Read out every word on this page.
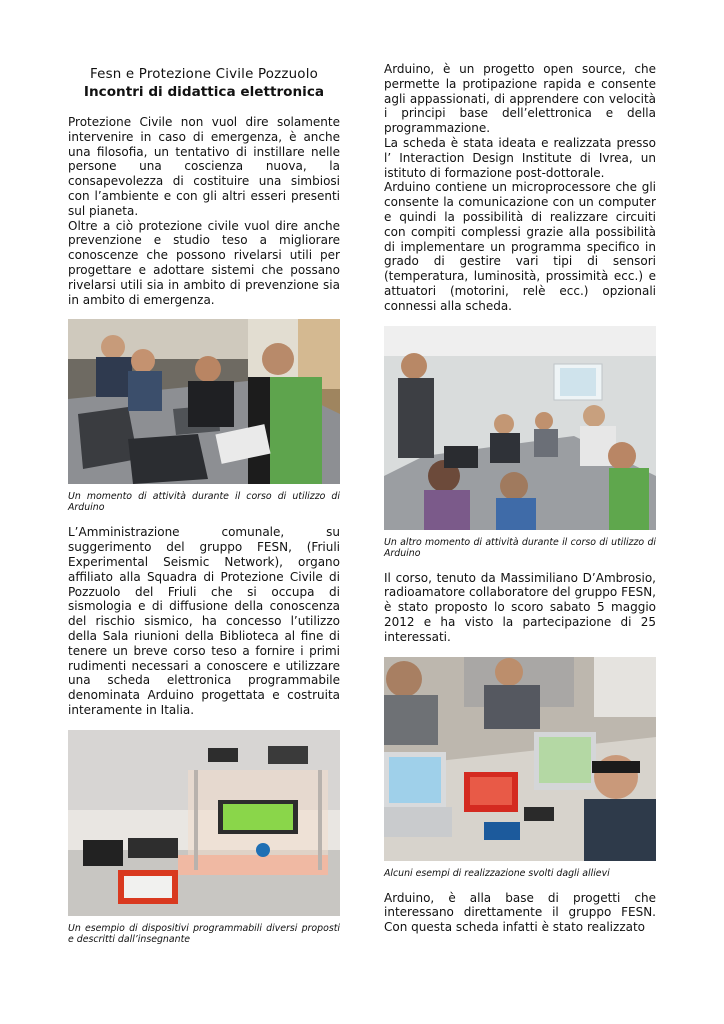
Fesn e Protezione Civile Pozzuolo
Incontri di didattica elettronica

Protezione Civile non vuol dire solamente intervenire in caso di emergenza, è anche una filosofia, un tentativo di instillare nelle persone una coscienza nuova, la consapevolezza di costituire una simbiosi con l’ambiente e con gli altri esseri presenti sul pianeta.

Oltre a ciò protezione civile vuol dire anche prevenzione e studio teso a migliorare conoscenze che possono rivelarsi utili per progettare e adottare sistemi che possano rivelarsi utili sia in ambito di prevenzione sia in ambito di emergenza.

Un momento di attività durante il corso di utilizzo di Arduino

L’Amministrazione comunale, su suggerimento del gruppo FESN, (Friuli Experimental Seismic Network), organo affiliato alla Squadra di Protezione Civile di Pozzuolo del Friuli che si occupa di sismologia e di diffusione della conoscenza del rischio sismico, ha concesso l’utilizzo della Sala riunioni della Biblioteca al fine di tenere un breve corso teso a fornire i primi rudimenti necessari a conoscere e utilizzare una scheda elettronica programmabile denominata Arduino progettata e costruita interamente in Italia.

Un esempio di dispositivi programmabili diversi proposti e descritti dall’insegnante

Arduino, è un progetto open source, che permette la protipazione rapida e consente agli appassionati, di apprendere con velocità i principi base dell’elettronica e della programmazione.

La scheda è stata ideata e realizzata presso l’ Interaction Design Institute di Ivrea, un istituto di formazione post-dottorale.

Arduino contiene un microprocessore che gli consente la comunicazione con un computer e quindi la possibilità di realizzare circuiti con compiti complessi grazie alla possibilità di implementare un programma specifico in grado di gestire vari tipi di sensori (temperatura, luminosità, prossimità ecc.) e attuatori (motorini, relè ecc.) opzionali connessi alla scheda.

Un altro momento di attività durante il corso di utilizzo di Arduino

Il corso, tenuto da Massimiliano D’Ambrosio, radioamatore collaboratore del gruppo FESN, è stato proposto lo scoro sabato 5 maggio 2012 e ha visto la partecipazione di 25 interessati.

Alcuni esempi di realizzazione svolti dagli allievi

Arduino, è alla base di progetti che interessano direttamente il gruppo FESN. Con questa scheda infatti è stato realizzato
